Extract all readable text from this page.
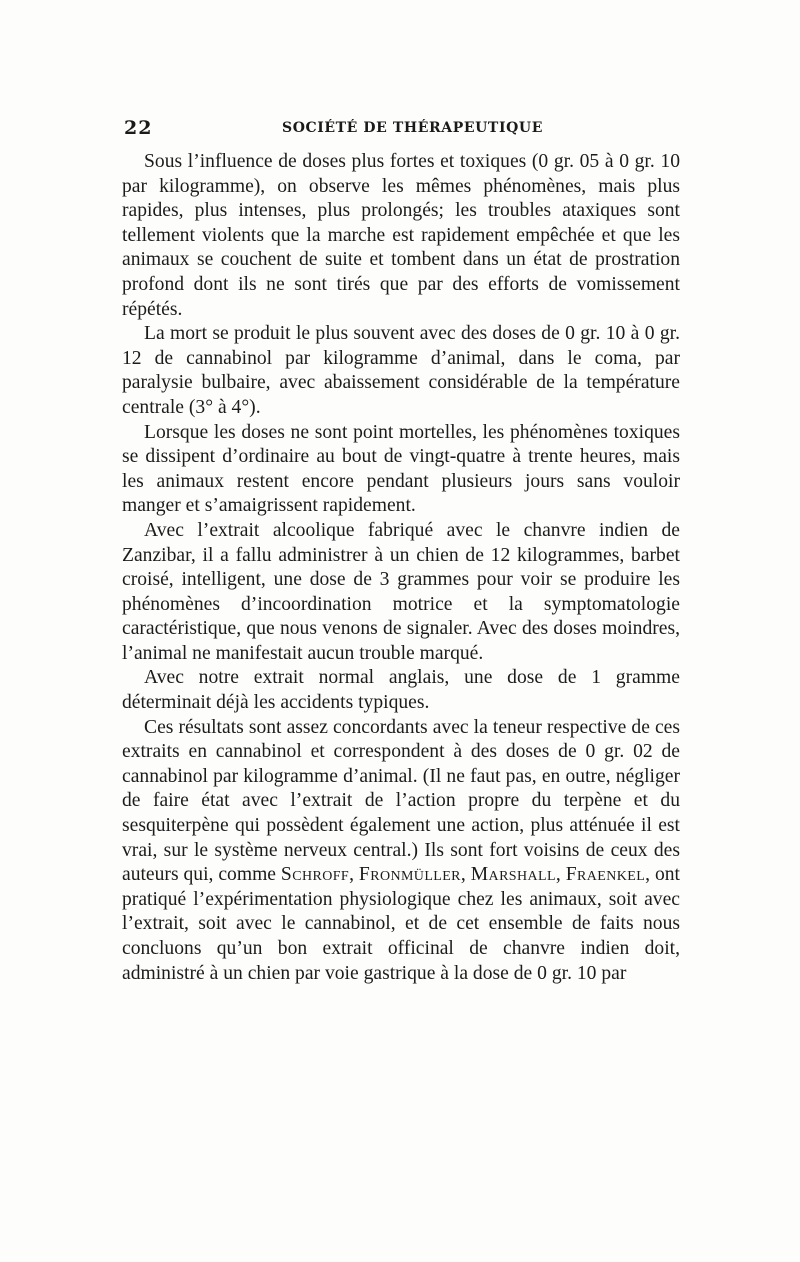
22	SOCIÉTÉ DE THÉRAPEUTIQUE

Sous l’influence de doses plus fortes et toxiques (0 gr. 05 à 0 gr. 10 par kilogramme), on observe les mêmes phénomènes, mais plus rapides, plus intenses, plus prolongés; les troubles ataxiques sont tellement violents que la marche est rapidement empêchée et que les animaux se couchent de suite et tombent dans un état de prostration profond dont ils ne sont tirés que par des efforts de vomissement répétés.

La mort se produit le plus souvent avec des doses de 0 gr. 10 à 0 gr. 12 de cannabinol par kilogramme d’animal, dans le coma, par paralysie bulbaire, avec abaissement considérable de la température centrale (3° à 4°).

Lorsque les doses ne sont point mortelles, les phénomènes toxiques se dissipent d’ordinaire au bout de vingt-quatre à trente heures, mais les animaux restent encore pendant plusieurs jours sans vouloir manger et s’amaigrissent rapidement.

Avec l’extrait alcoolique fabriqué avec le chanvre indien de Zanzibar, il a fallu administrer à un chien de 12 kilogrammes, barbet croisé, intelligent, une dose de 3 grammes pour voir se produire les phénomènes d’incoordination motrice et la symptomatologie caractéristique, que nous venons de signaler. Avec des doses moindres, l’animal ne manifestait aucun trouble marqué.

Avec notre extrait normal anglais, une dose de 1 gramme déterminait déjà les accidents typiques.

Ces résultats sont assez concordants avec la teneur respective de ces extraits en cannabinol et correspondent à des doses de 0 gr. 02 de cannabinol par kilogramme d’animal. (Il ne faut pas, en outre, négliger de faire état avec l’extrait de l’action propre du terpène et du sesquiterpène qui possèdent également une action, plus atténuée il est vrai, sur le système nerveux central.) Ils sont fort voisins de ceux des auteurs qui, comme Schroff, Fronmüller, Marshall, Fraenkel, ont pratiqué l’expérimentation physiologique chez les animaux, soit avec l’extrait, soit avec le cannabinol, et de cet ensemble de faits nous concluons qu’un bon extrait officinal de chanvre indien doit, administré à un chien par voie gastrique à la dose de 0 gr. 10 par
